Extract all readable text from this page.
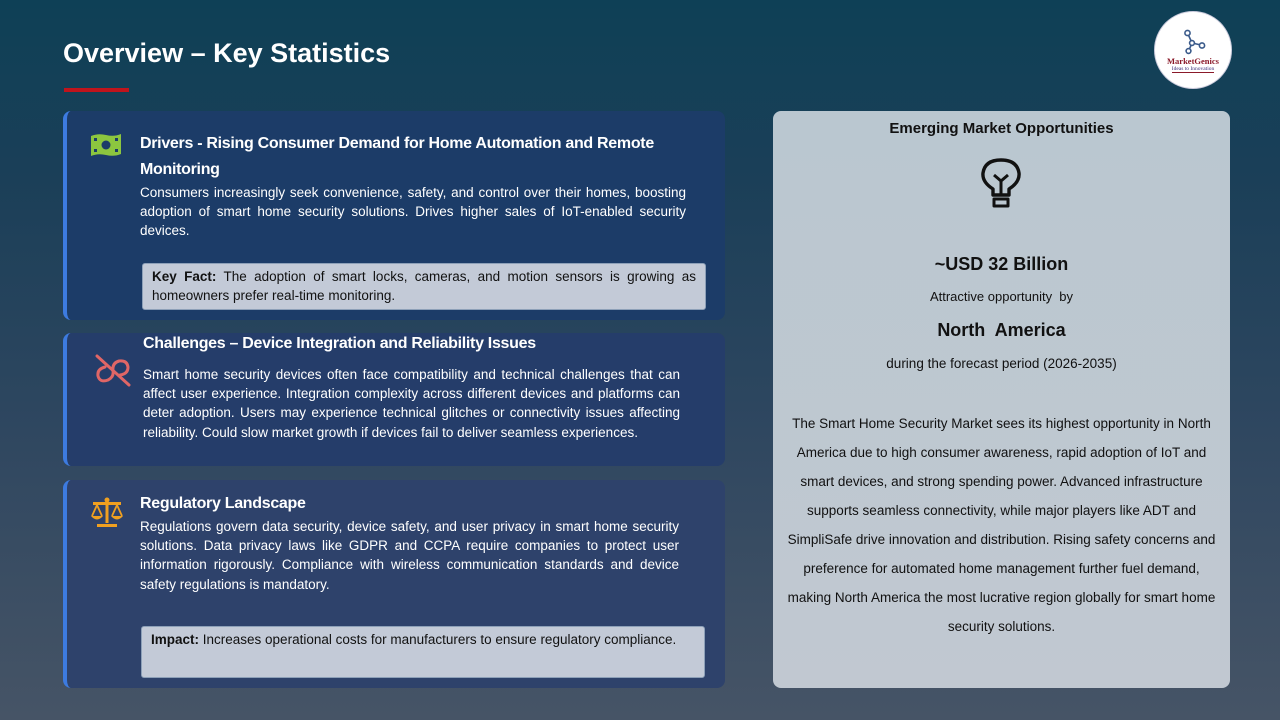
Overview – Key Statistics	MarketGenics
Ideas to Innovation
Drivers - Rising Consumer Demand for Home Automation and Remote
Monitoring
Consumers increasingly seek convenience, safety, and control over their homes, boosting adoption of smart home security solutions. Drives higher sales of IoT-enabled security devices.
Key Fact: The adoption of smart locks, cameras, and motion sensors is growing as homeowners prefer real-time monitoring.
Challenges – Device Integration and Reliability Issues
Smart home security devices often face compatibility and technical challenges that can affect user experience. Integration complexity across different devices and platforms can deter adoption. Users may experience technical glitches or connectivity issues affecting reliability. Could slow market growth if devices fail to deliver seamless experiences.
Regulatory Landscape
Regulations govern data security, device safety, and user privacy in smart home security solutions. Data privacy laws like GDPR and CCPA require companies to protect user information rigorously. Compliance with wireless communication standards and device safety regulations is mandatory.
Impact: Increases operational costs for manufacturers to ensure regulatory compliance.
Emerging Market Opportunities
~USD 32 Billion
Attractive opportunity  by
North  America
during the forecast period (2026-2035)
The Smart Home Security Market sees its highest opportunity in North America due to high consumer awareness, rapid adoption of IoT and smart devices, and strong spending power. Advanced infrastructure supports seamless connectivity, while major players like ADT and SimpliSafe drive innovation and distribution. Rising safety concerns and preference for automated home management further fuel demand, making North America the most lucrative region globally for smart home security solutions.
